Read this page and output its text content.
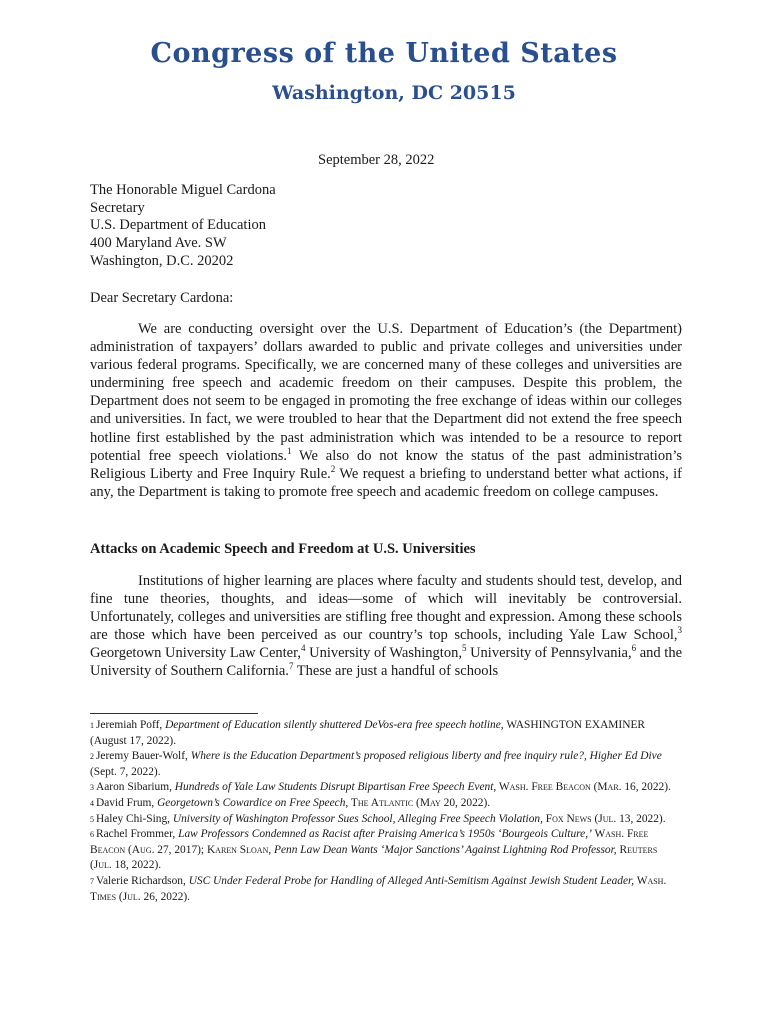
Congress of the United States
Washington, DC 20515
September 28, 2022
The Honorable Miguel Cardona
Secretary
U.S. Department of Education
400 Maryland Ave. SW
Washington, D.C. 20202
Dear Secretary Cardona:
We are conducting oversight over the U.S. Department of Education’s (the Department) administration of taxpayers’ dollars awarded to public and private colleges and universities under various federal programs. Specifically, we are concerned many of these colleges and universities are undermining free speech and academic freedom on their campuses. Despite this problem, the Department does not seem to be engaged in promoting the free exchange of ideas within our colleges and universities. In fact, we were troubled to hear that the Department did not extend the free speech hotline first established by the past administration which was intended to be a resource to report potential free speech violations.$^1$ We also do not know the status of the past administration’s Religious Liberty and Free Inquiry Rule.$^2$ We request a briefing to understand better what actions, if any, the Department is taking to promote free speech and academic freedom on college campuses.
Attacks on Academic Speech and Freedom at U.S. Universities
Institutions of higher learning are places where faculty and students should test, develop, and fine tune theories, thoughts, and ideas—some of which will inevitably be controversial. Unfortunately, colleges and universities are stifling free thought and expression. Among these schools are those which have been perceived as our country’s top schools, including Yale Law School,$^3$ Georgetown University Law Center,$^4$ University of Washington,$^5$ University of Pennsylvania,$^6$ and the University of Southern California.$^7$ These are just a handful of schools

$^1$ Jeremiah Poff, Department of Education silently shuttered DeVos-era free speech hotline, WASHINGTON EXAMINER (August 17, 2022).

$^2$ Jeremy Bauer-Wolf, Where is the Education Department’s proposed religious liberty and free inquiry rule?, Higher Ed Dive (Sept. 7, 2022).

$^3$ Aaron Sibarium, Hundreds of Yale Law Students Disrupt Bipartisan Free Speech Event, Wash. Free Beacon (Mar. 16, 2022).

$^4$ David Frum, Georgetown’s Cowardice on Free Speech, The Atlantic (May 20, 2022).

$^5$ Haley Chi-Sing, University of Washington Professor Sues School, Alleging Free Speech Violation, Fox News (Jul. 13, 2022).

$^6$ Rachel Frommer, Law Professors Condemned as Racist after Praising America’s 1950s ‘Bourgeois Culture,’ Wash. Free Beacon (Aug. 27, 2017); Karen Sloan, Penn Law Dean Wants ‘Major Sanctions’ Against Lightning Rod Professor, Reuters (Jul. 18, 2022).

$^7$ Valerie Richardson, USC Under Federal Probe for Handling of Alleged Anti-Semitism Against Jewish Student Leader, Wash. Times (Jul. 26, 2022).
